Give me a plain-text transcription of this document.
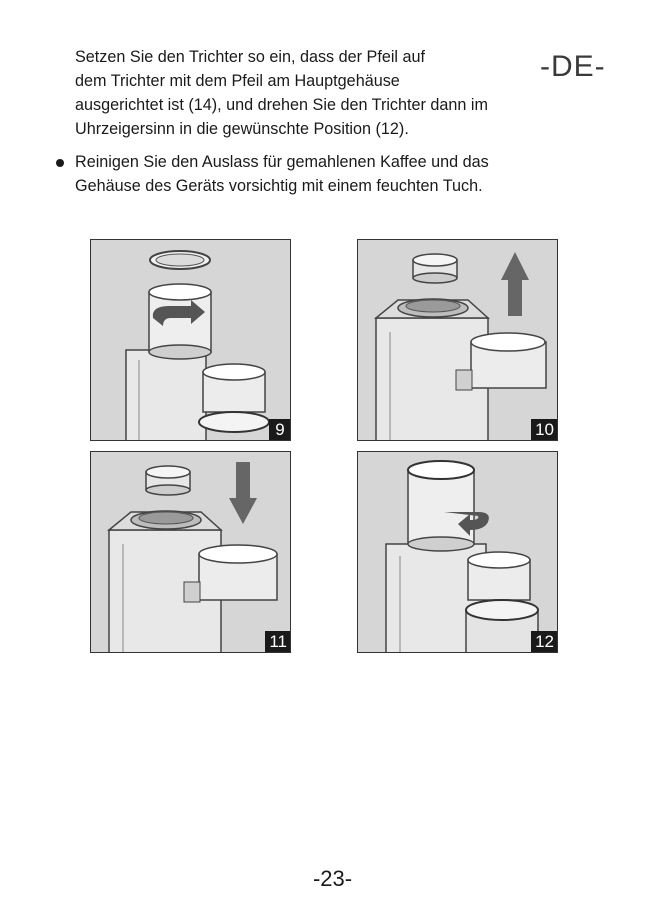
-DE-

Setzen Sie den Trichter so ein, dass der Pfeil auf
dem Trichter mit dem Pfeil am Hauptgehäuse
ausgerichtet ist (14), und drehen Sie den Trichter dann im
Uhrzeigersinn in die gewünschte Position (12).

Reinigen Sie den Auslass für gemahlenen Kaffee und das
Gehäuse des Geräts vorsichtig mit einem feuchten Tuch.
9	10
11	12
-23-
